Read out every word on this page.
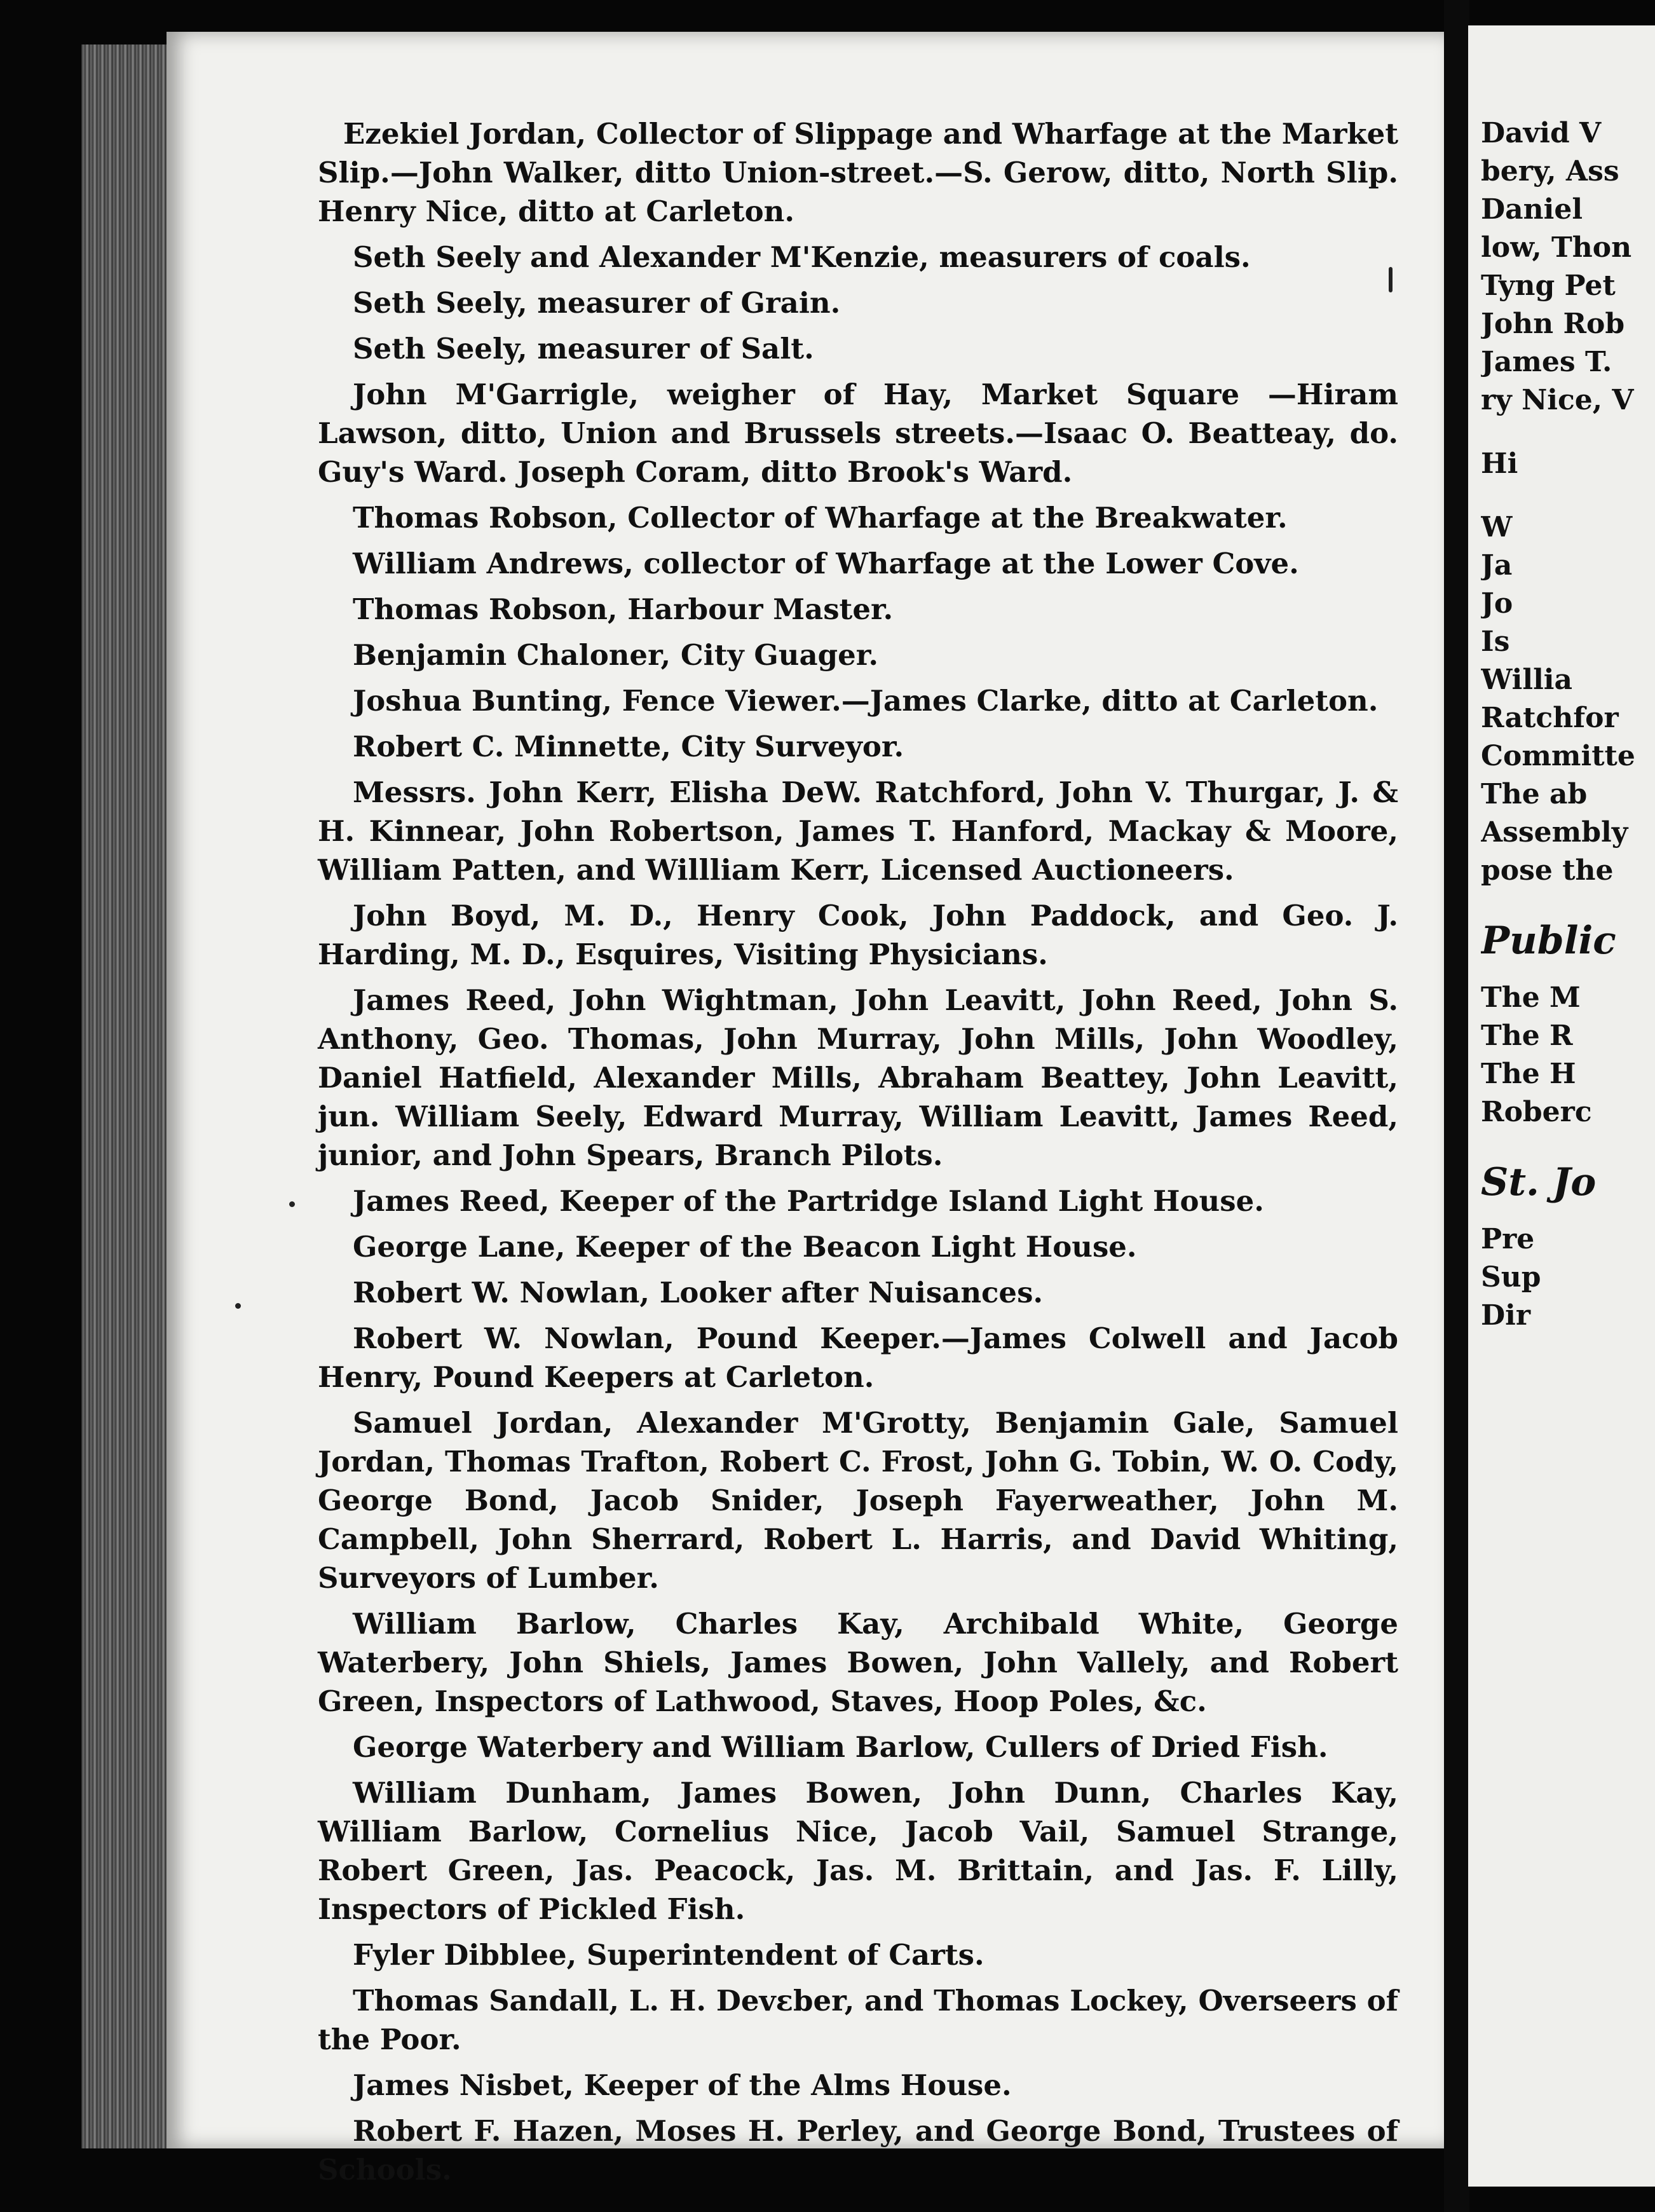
Ezekiel Jordan, Collector of Slippage and Wharfage at the Market Slip.—John Walker, ditto Union-street.—S. Gerow, ditto, North Slip. Henry Nice, ditto at Carleton.
Seth Seely and Alexander M'Kenzie, measurers of coals.
Seth Seely, measurer of Grain.
Seth Seely, measurer of Salt.
John M'Garrigle, weigher of Hay, Market Square —Hiram Lawson, ditto, Union and Brussels streets.—Isaac O. Beatteay, do. Guy's Ward. Joseph Coram, ditto Brook's Ward.
Thomas Robson, Collector of Wharfage at the Breakwater.
William Andrews, collector of Wharfage at the Lower Cove.
Thomas Robson, Harbour Master.
Benjamin Chaloner, City Guager.
Joshua Bunting, Fence Viewer.—James Clarke, ditto at Carleton.
Robert C. Minnette, City Surveyor.
Messrs. John Kerr, Elisha DeW. Ratchford, John V. Thurgar, J. & H. Kinnear, John Robertson, James T. Hanford, Mackay & Moore, William Patten, and Willliam Kerr, Licensed Auctioneers.
John Boyd, M. D., Henry Cook, John Paddock, and Geo. J. Harding, M. D., Esquires, Visiting Physicians.
James Reed, John Wightman, John Leavitt, John Reed, John S. Anthony, Geo. Thomas, John Murray, John Mills, John Woodley, Daniel Hatfield, Alexander Mills, Abraham Beattey, John Leavitt, jun. William Seely, Edward Murray, William Leavitt, James Reed, junior, and John Spears, Branch Pilots.
James Reed, Keeper of the Partridge Island Light House.
George Lane, Keeper of the Beacon Light House.
Robert W. Nowlan, Looker after Nuisances.
Robert W. Nowlan, Pound Keeper.—James Colwell and Jacob Henry, Pound Keepers at Carleton.
Samuel Jordan, Alexander M'Grotty, Benjamin Gale, Samuel Jordan, Thomas Trafton, Robert C. Frost, John G. Tobin, W. O. Cody, George Bond, Jacob Snider, Joseph Fayerweather, John M. Campbell, John Sherrard, Robert L. Harris, and David Whiting, Surveyors of Lumber.
William Barlow, Charles Kay, Archibald White, George Waterbery, John Shiels, James Bowen, John Vallely, and Robert Green, Inspectors of Lathwood, Staves, Hoop Poles, &c.
George Waterbery and William Barlow, Cullers of Dried Fish.
William Dunham, James Bowen, John Dunn, Charles Kay, William Barlow, Cornelius Nice, Jacob Vail, Samuel Strange, Robert Green, Jas. Peacock, Jas. M. Brittain, and Jas. F. Lilly, Inspectors of Pickled Fish.
Fyler Dibblee, Superintendent of Carts.
Thomas Sandall, L. H. Devεber, and Thomas Lockey, Overseers of the Poor.
James Nisbet, Keeper of the Alms House.
Robert F. Hazen, Moses H. Perley, and George Bond, Trustees of Schools.
David V
bery, Ass
Daniel
low, Thon
Tyng Pet
John Rob
James T.
ry Nice, V
Hi
W
Ja
Jo
Is
Willia
Ratchfor
Committe
The ab
Assembly
pose the
Public
The M
The R
The H
Roberc
St. Jo
Pre
Sup
Dir
